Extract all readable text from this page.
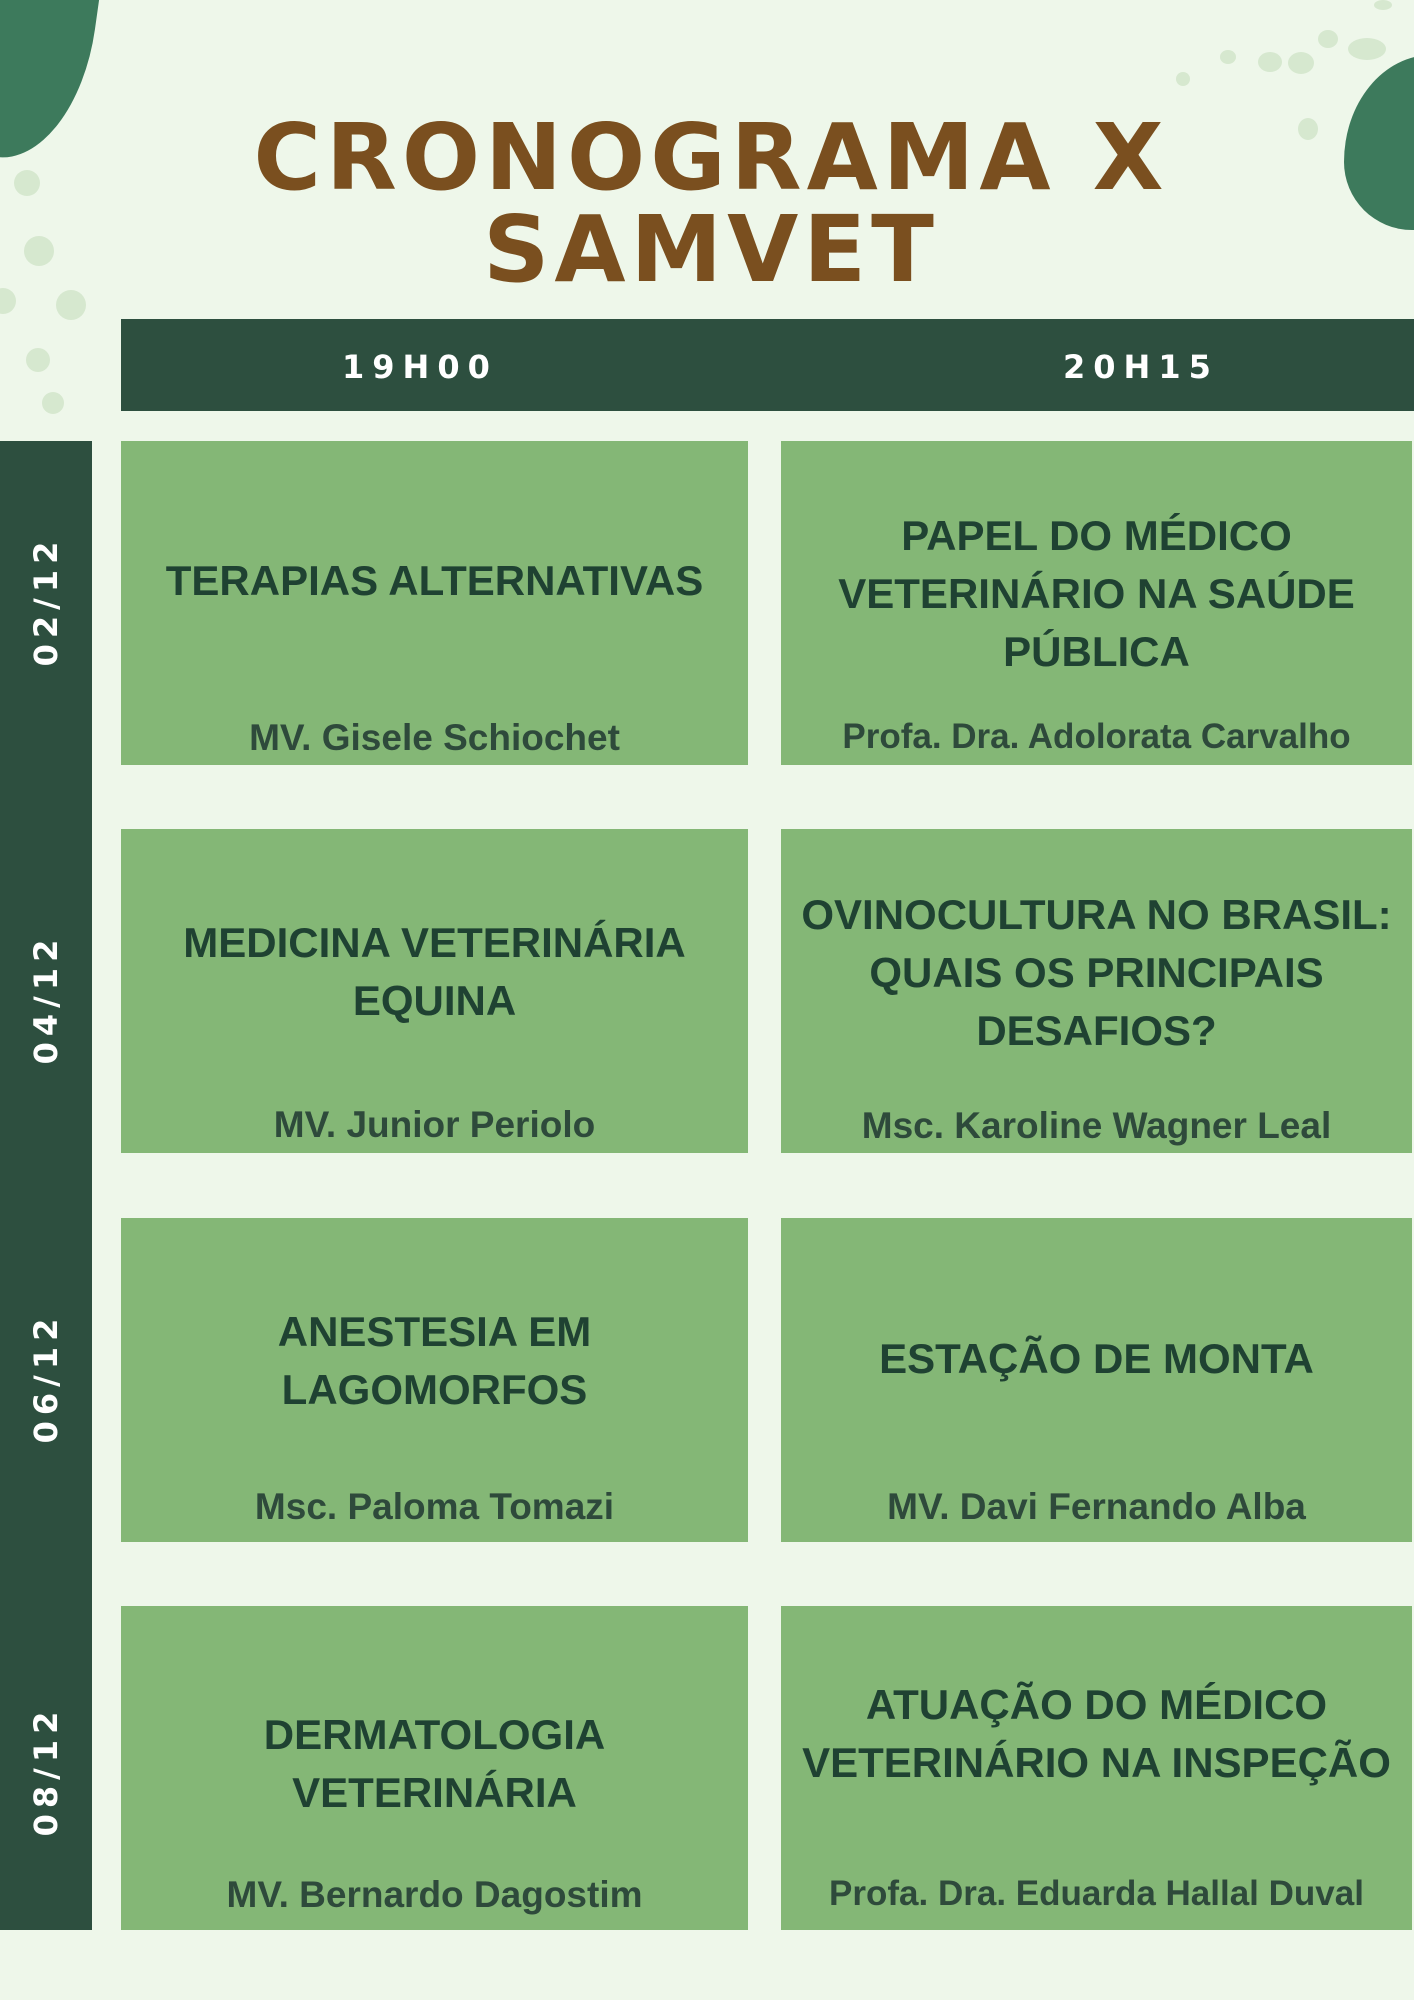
CRONOGRAMA X SAMVET
19H00	20H15
02/12
04/12
06/12
08/12
TERAPIAS ALTERNATIVAS
MV. Gisele Schiochet
PAPEL DO MÉDICO VETERINÁRIO NA SAÚDE PÚBLICA
Profa. Dra. Adolorata Carvalho
MEDICINA VETERINÁRIA EQUINA
MV. Junior Periolo
OVINOCULTURA NO BRASIL: QUAIS OS PRINCIPAIS DESAFIOS?
Msc. Karoline Wagner Leal
ANESTESIA EM LAGOMORFOS
Msc. Paloma Tomazi
ESTAÇÃO DE MONTA
MV. Davi Fernando Alba
DERMATOLOGIA VETERINÁRIA
MV. Bernardo Dagostim
ATUAÇÃO DO MÉDICO VETERINÁRIO NA INSPEÇÃO
Profa. Dra. Eduarda Hallal Duval
